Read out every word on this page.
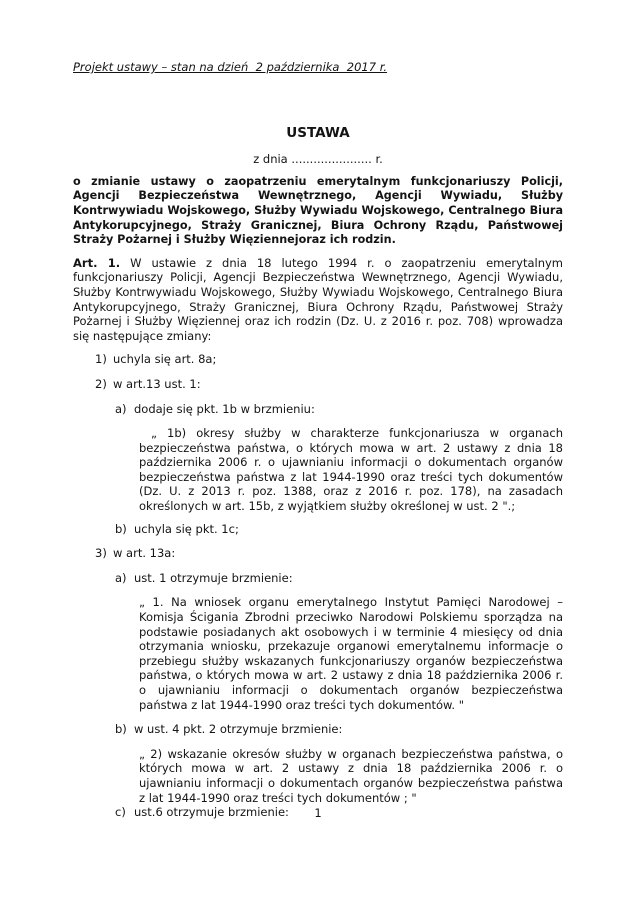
Projekt ustawy – stan na dzień  2 października  2017 r.
USTAWA
z dnia ...................... r.
o zmianie ustawy o zaopatrzeniu emerytalnym funkcjonariuszy Policji, Agencji Bezpieczeństwa Wewnętrznego, Agencji Wywiadu, Służby Kontrwywiadu Wojskowego, Służby Wywiadu Wojskowego, Centralnego Biura Antykorupcyjnego, Straży Granicznej, Biura Ochrony Rządu, Państwowej Straży Pożarnej i Służby Więziennejoraz ich rodzin.
Art. 1. W ustawie z dnia 18 lutego 1994 r. o zaopatrzeniu emerytalnym funkcjonariuszy Policji, Agencji Bezpieczeństwa Wewnętrznego, Agencji Wywiadu, Służby Kontrwywiadu Wojskowego, Służby Wywiadu Wojskowego, Centralnego Biura Antykorupcyjnego, Straży Granicznej, Biura Ochrony Rządu, Państwowej Straży Pożarnej i Służby Więziennej oraz ich rodzin (Dz. U. z 2016 r. poz. 708) wprowadza się następujące zmiany:
1) uchyla się art. 8a;
2) w art.13 ust. 1:
a) dodaje się pkt. 1b w brzmieniu:
„ 1b) okresy służby w charakterze funkcjonariusza w organach bezpieczeństwa państwa, o których mowa w art. 2 ustawy z dnia 18 października 2006 r. o ujawnianiu informacji o dokumentach organów bezpieczeństwa państwa z lat 1944-1990 oraz treści tych dokumentów (Dz. U. z 2013 r. poz. 1388, oraz z 2016 r. poz. 178), na zasadach określonych w art. 15b, z wyjątkiem służby określonej w ust. 2 ".;
b) uchyla się pkt. 1c;
3) w art. 13a:
a) ust. 1 otrzymuje brzmienie:
„ 1. Na wniosek organu emerytalnego Instytut Pamięci Narodowej – Komisja Ścigania Zbrodni przeciwko Narodowi Polskiemu sporządza na podstawie posiadanych akt osobowych i w terminie 4 miesięcy od dnia otrzymania wniosku, przekazuje organowi emerytalnemu informacje o przebiegu służby wskazanych funkcjonariuszy organów bezpieczeństwa państwa, o których mowa w art. 2 ustawy z dnia 18 października 2006 r. o ujawnianiu informacji o dokumentach organów bezpieczeństwa państwa z lat 1944-1990 oraz treści tych dokumentów. "
b) w ust. 4 pkt. 2 otrzymuje brzmienie:
„ 2) wskazanie okresów służby w organach bezpieczeństwa państwa, o których mowa w art. 2 ustawy z dnia 18 października 2006 r. o ujawnianiu informacji o dokumentach organów bezpieczeństwa państwa z lat 1944-1990 oraz treści tych dokumentów ; "
c) ust.6 otrzymuje brzmienie:	1
